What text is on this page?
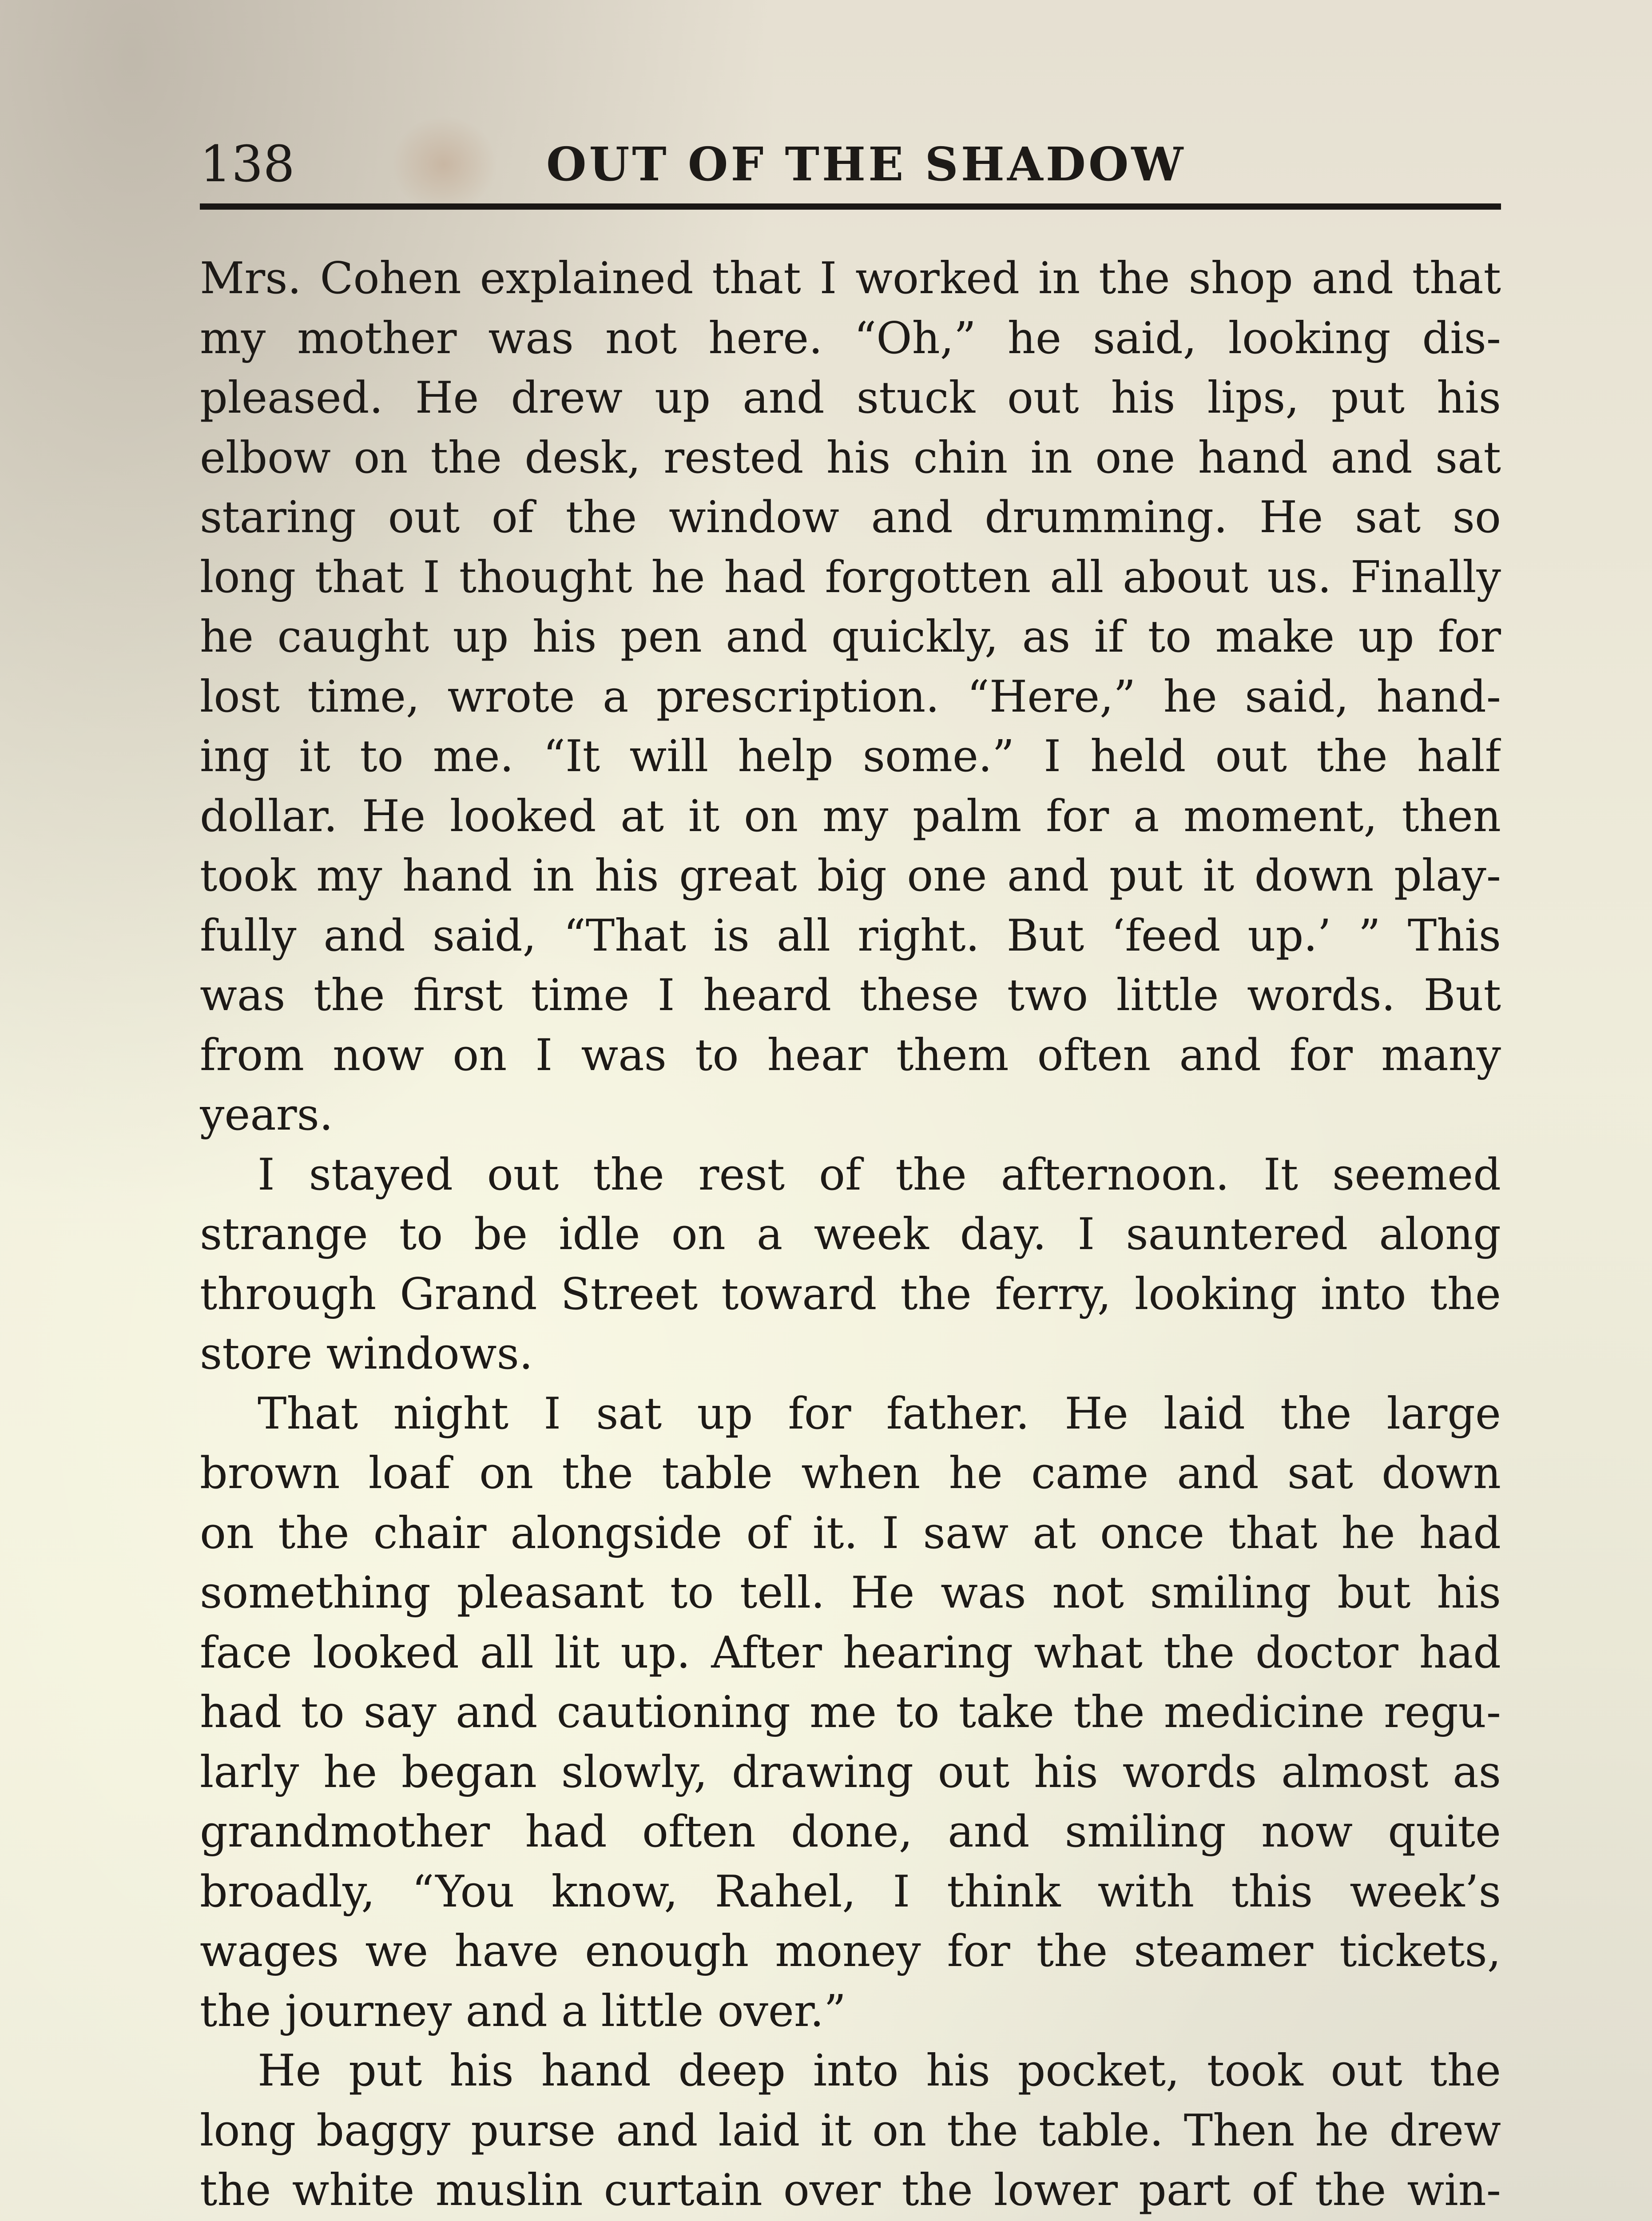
138	OUT OF THE SHADOW
Mrs. Cohen explained that I worked in the shop and that
my mother was not here. “Oh,” he said, looking dis-
pleased. He drew up and stuck out his lips, put his
elbow on the desk, rested his chin in one hand and sat
staring out of the window and drumming. He sat so
long that I thought he had forgotten all about us. Finally
he caught up his pen and quickly, as if to make up for
lost time, wrote a prescription. “Here,” he said, hand-
ing it to me. “It will help some.” I held out the half
dollar. He looked at it on my palm for a moment, then
took my hand in his great big one and put it down play-
fully and said, “That is all right. But ‘feed up.’ ” This
was the first time I heard these two little words. But
from now on I was to hear them often and for many
years.
I stayed out the rest of the afternoon. It seemed
strange to be idle on a week day. I sauntered along
through Grand Street toward the ferry, looking into the
store windows.
That night I sat up for father. He laid the large
brown loaf on the table when he came and sat down
on the chair alongside of it. I saw at once that he had
something pleasant to tell. He was not smiling but his
face looked all lit up. After hearing what the doctor had
had to say and cautioning me to take the medicine regu-
larly he began slowly, drawing out his words almost as
grandmother had often done, and smiling now quite
broadly, “You know, Rahel, I think with this week’s
wages we have enough money for the steamer tickets,
the journey and a little over.”
He put his hand deep into his pocket, took out the
long baggy purse and laid it on the table. Then he drew
the white muslin curtain over the lower part of the win-
